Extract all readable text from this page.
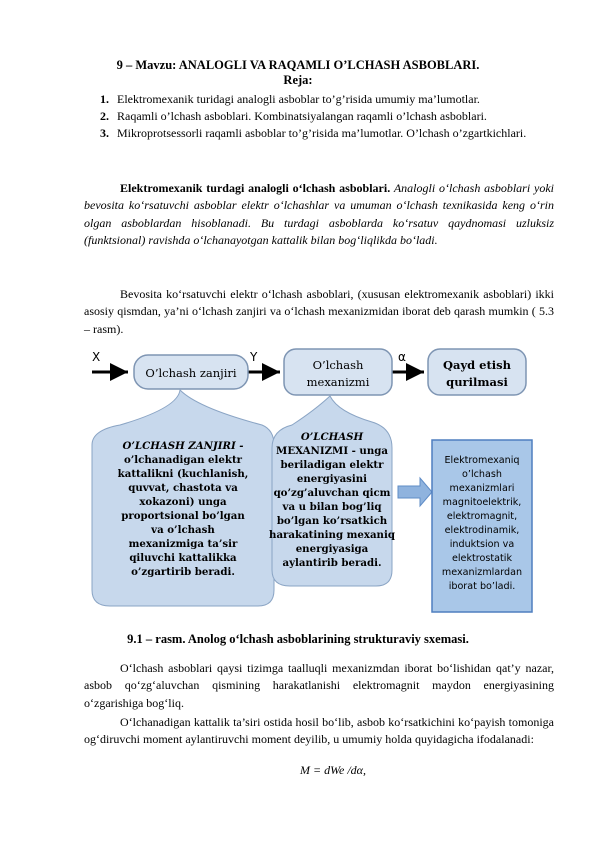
9 – Mavzu: ANALOGLI VA RAQAMLI O’LCHASH ASBOBLARI.
Reja:
1. Elektromexanik turidagi analogli asboblar to’g’risida umumiy ma’lumotlar.
2. Raqamli o’lchash asboblari. Kombinatsiyalangan raqamli o’lchash asboblari.
3. Mikroprotsessorli raqamli asboblar to’g’risida ma’lumotlar. O’lchash o’zgartkichlari.

Elektromexanik turdagi analogli o‘lchash asboblari. Analogli o‘lchash asboblari yoki bevosita ko‘rsatuvchi asboblar elektr o‘lchashlar va umuman o‘lchash texnikasida keng o‘rin olgan asboblardan hisoblanadi. Bu turdagi asboblarda ko‘rsatuv qaydnomasi uzluksiz (funktsional) ravishda o‘lchanayotgan kattalik bilan bog‘liqlikda bo‘ladi.

Bevosita ko‘rsatuvchi elektr o‘lchash asboblari, (xususan elektromexanik asboblari) ikki asosiy qismdan, ya’ni o‘lchash zanjiri va o‘lchash mexanizmidan iborat deb qarash mumkin ( 5.3 – rasm).

X	Y	α
O’lchash zanjiri
O’lchash
mexanizmi
Qayd etish
qurilmasi
O’LCHASH ZANJIRI -
o’lchanadigan elektr
kattalikni (kuchlanish,
quvvat, chastota va
xokazoni) unga
proportsional bo’lgan
va o’lchash
mexanizmiga ta’sir
qiluvchi kattalikka
o’zgartirib beradi.
O’LCHASH
MEXANIZMI - unga
beriladigan elektr
energiyasini
qo’zg’aluvchan qicm
va u bilan bog’liq
bo’lgan ko’rsatkich
harakatining mexaniq
energiyasiga
aylantirib beradi.
Elektromexaniq
o’lchash
mexanizmlari
magnitoelektrik,
elektromagnit,
elektrodinamik,
induktsion va
elektrostatik
mexanizmlardan
iborat bo’ladi.
9.1 – rasm. Anolog o‘lchash asboblarining strukturaviy sxemasi.

O‘lchash asboblari qaysi tizimga taalluqli mexanizmdan iborat bo‘lishidan qat’y nazar, asbob qo‘zg‘aluvchan qismining harakatlanishi elektromagnit maydon energiyasining o‘zgarishiga bog‘liq.

O‘lchanadigan kattalik ta’siri ostida hosil bo‘lib, asbob ko‘rsatkichini ko‘payish tomoniga og‘diruvchi moment aylantiruvchi moment deyilib, u umumiy holda quyidagicha ifodalanadi:

M = dWe /dα,
